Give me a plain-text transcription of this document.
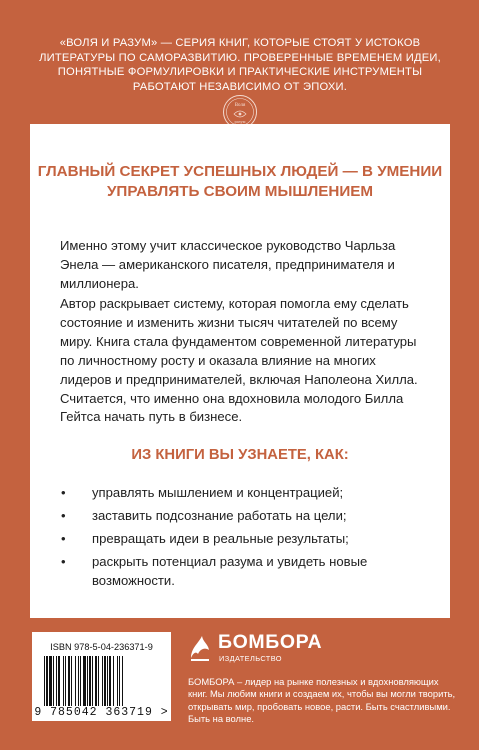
«ВОЛЯ И РАЗУМ» — СЕРИЯ КНИГ, КОТОРЫЕ СТОЯТ У ИСТОКОВ ЛИТЕРАТУРЫ ПО САМОРАЗВИТИЮ. ПРОВЕРЕННЫЕ ВРЕМЕНЕМ ИДЕИ, ПОНЯТНЫЕ ФОРМУЛИРОВКИ И ПРАКТИЧЕСКИЕ ИНСТРУМЕНТЫ РАБОТАЮТ НЕЗАВИСИМО ОТ ЭПОХИ.
Воля
разум
ГЛАВНЫЙ СЕКРЕТ УСПЕШНЫХ ЛЮДЕЙ — В УМЕНИИ УПРАВЛЯТЬ СВОИМ МЫШЛЕНИЕМ
Именно этому учит классическое руководство Чарльза Энела — американского писателя, предпринимателя и миллионера.
Автор раскрывает систему, которая помогла ему сделать состояние и изменить жизни тысяч читателей по всему миру. Книга стала фундаментом современной литературы по личностному росту и оказала влияние на многих лидеров и предпринимателей, включая Наполеона Хилла. Считается, что именно она вдохновила молодого Билла Гейтса начать путь в бизнесе.
ИЗ КНИГИ ВЫ УЗНАЕТЕ, КАК:
• управлять мышлением и концентрацией;
• заставить подсознание работать на цели;
• превращать идеи в реальные результаты;
• раскрыть потенциал разума и увидеть новые возможности.
ISBN 978-5-04-236371-9
9 785042 363719 >
БОМБОРА
ИЗДАТЕЛЬСТВО
БОМБОРА – лидер на рынке полезных и вдохновляющих книг. Мы любим книги и создаем их, чтобы вы могли творить, открывать мир, пробовать новое, расти. Быть счастливыми. Быть на волне.
